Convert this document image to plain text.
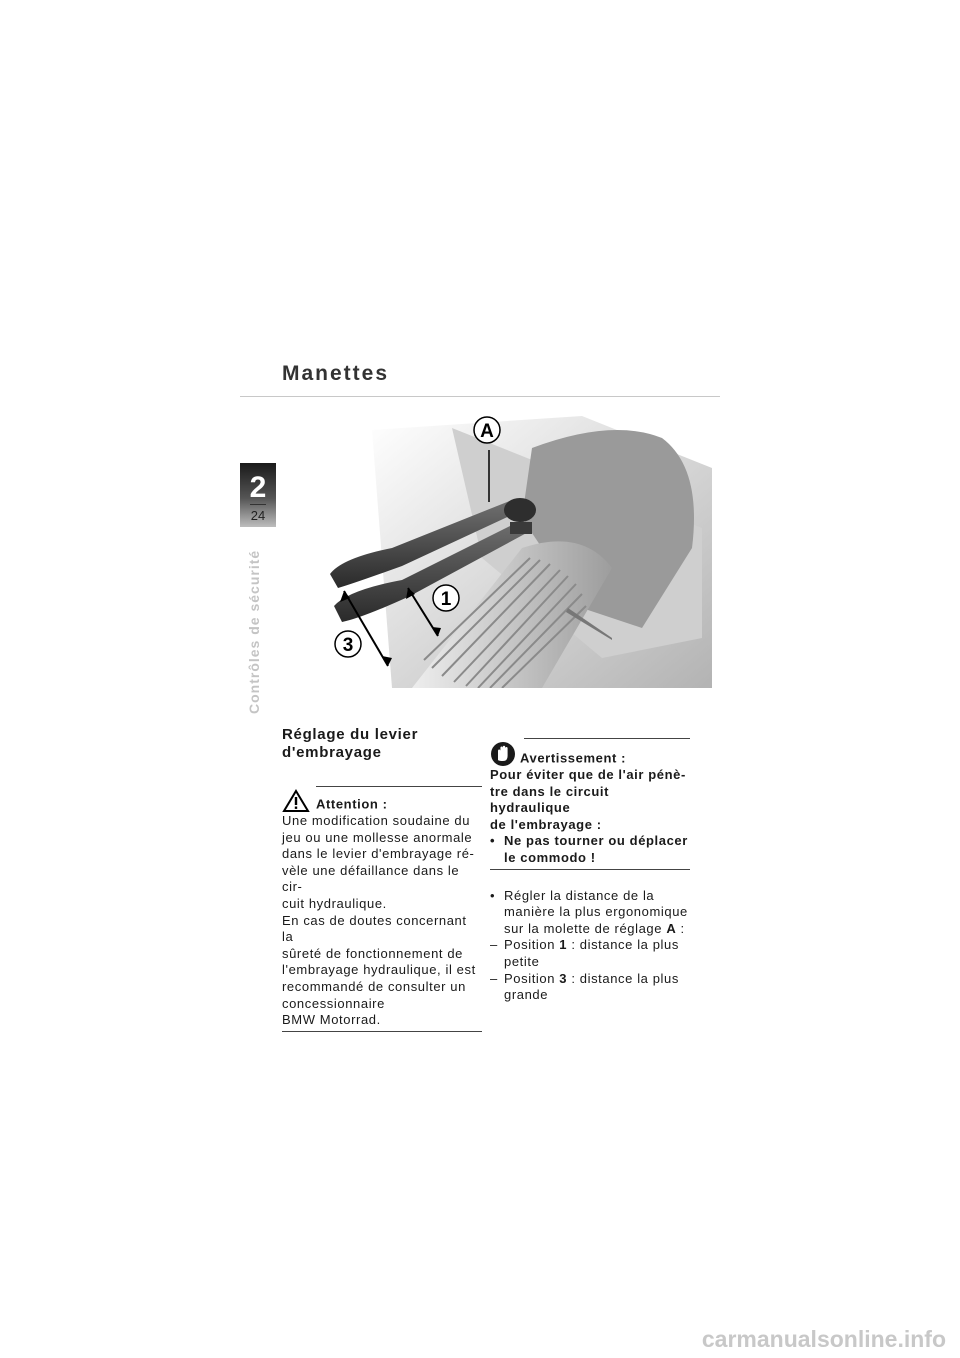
Manettes
2
24
Contrôles de sécurité
A
1
3
Réglage du levier
d'embrayage
Attention :
Une modification soudaine du
jeu ou une mollesse anormale
dans le levier d'embrayage ré-
vèle une défaillance dans le cir-
cuit hydraulique.
En cas de doutes concernant la
sûreté de fonctionnement de
l'embrayage hydraulique, il est
recommandé de consulter un
concessionnaire
BMW Motorrad.
Avertissement :
Pour éviter que de l'air pénè-
tre dans le circuit hydraulique
de l'embrayage :
• Ne pas tourner ou déplacer
le commodo !
• Régler la distance de la
manière la plus ergonomique
sur la molette de réglage A :
– Position 1 : distance la plus
petite
– Position 3 : distance la plus
grande
carmanualsonline.info
